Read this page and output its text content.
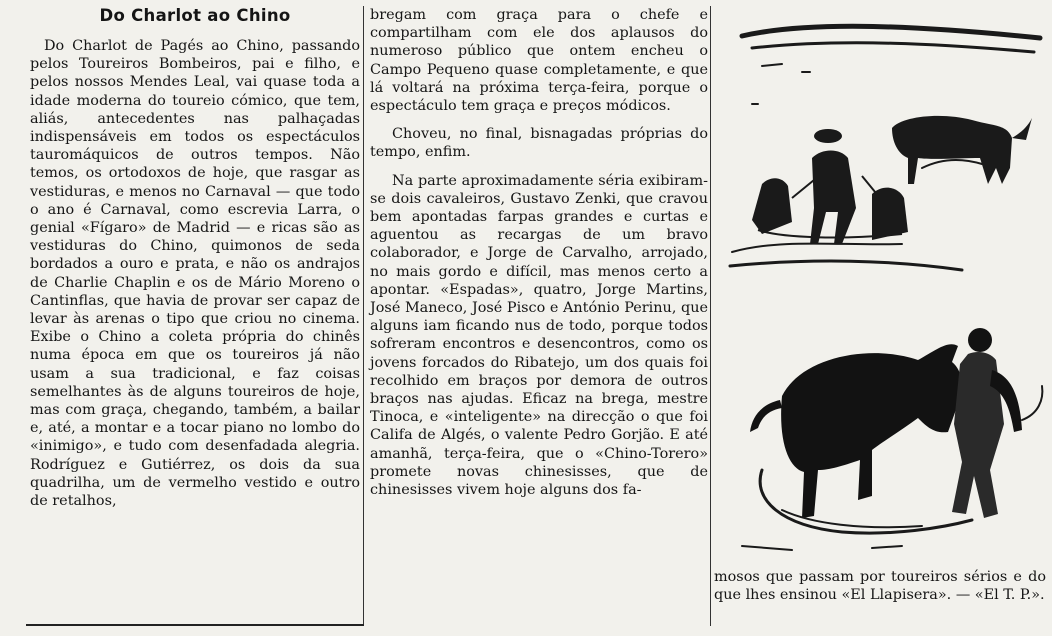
Do Charlot ao Chino

Do Charlot de Pagés ao Chino, passando pelos Toureiros Bombeiros, pai e filho, e pelos nossos Mendes Leal, vai quase toda a idade moderna do toureio cómico, que tem, aliás, antecedentes nas palhaçadas indispensáveis em todos os espectáculos tauromáquicos de outros tempos. Não temos, os ortodoxos de hoje, que rasgar as vestiduras, e menos no Carnaval — que todo o ano é Carnaval, como escrevia Larra, o genial «Fígaro» de Madrid — e ricas são as vestiduras do Chino, quimonos de seda bordados a ouro e prata, e não os andrajos de Charlie Chaplin e os de Mário Moreno o Cantinflas, que havia de provar ser capaz de levar às arenas o tipo que criou no cinema. Exibe o Chino a coleta própria do chinês numa época em que os toureiros já não usam a sua tradicional, e faz coisas semelhantes às de alguns toureiros de hoje, mas com graça, chegando, também, a bailar e, até, a montar e a tocar piano no lombo do «inimigo», e tudo com desenfadada alegria. Rodríguez e Gutiérrez, os dois da sua quadrilha, um de vermelho vestido e outro de retalhos,

bregam com graça para o chefe e compartilham com ele dos aplausos do numeroso público que ontem encheu o Campo Pequeno quase completamente, e que lá voltará na próxima terça-feira, porque o espectáculo tem graça e preços módicos.

Choveu, no final, bisnagadas próprias do tempo, enfim.

Na parte aproximadamente séria exibiram-se dois cavaleiros, Gustavo Zenki, que cravou bem apontadas farpas grandes e curtas e aguentou as recargas de um bravo colaborador, e Jorge de Carvalho, arrojado, no mais gordo e difícil, mas menos certo a apontar. «Espadas», quatro, Jorge Martins, José Maneco, José Pisco e António Perinu, que alguns iam ficando nus de todo, porque todos sofreram encontros e desencontros, como os jovens forcados do Ribatejo, um dos quais foi recolhido em braços por demora de outros braços nas ajudas. Eficaz na brega, mestre Tinoca, e «inteligente» na direcção o que foi Califa de Algés, o valente Pedro Gorjão. E até amanhã, terça-feira, que o «Chino-Torero» promete novas chinesisses, que de chinesisses vivem hoje alguns dos fa-

mosos que passam por toureiros sérios e do que lhes ensinou «El Llapisera». — «El T. P.».
